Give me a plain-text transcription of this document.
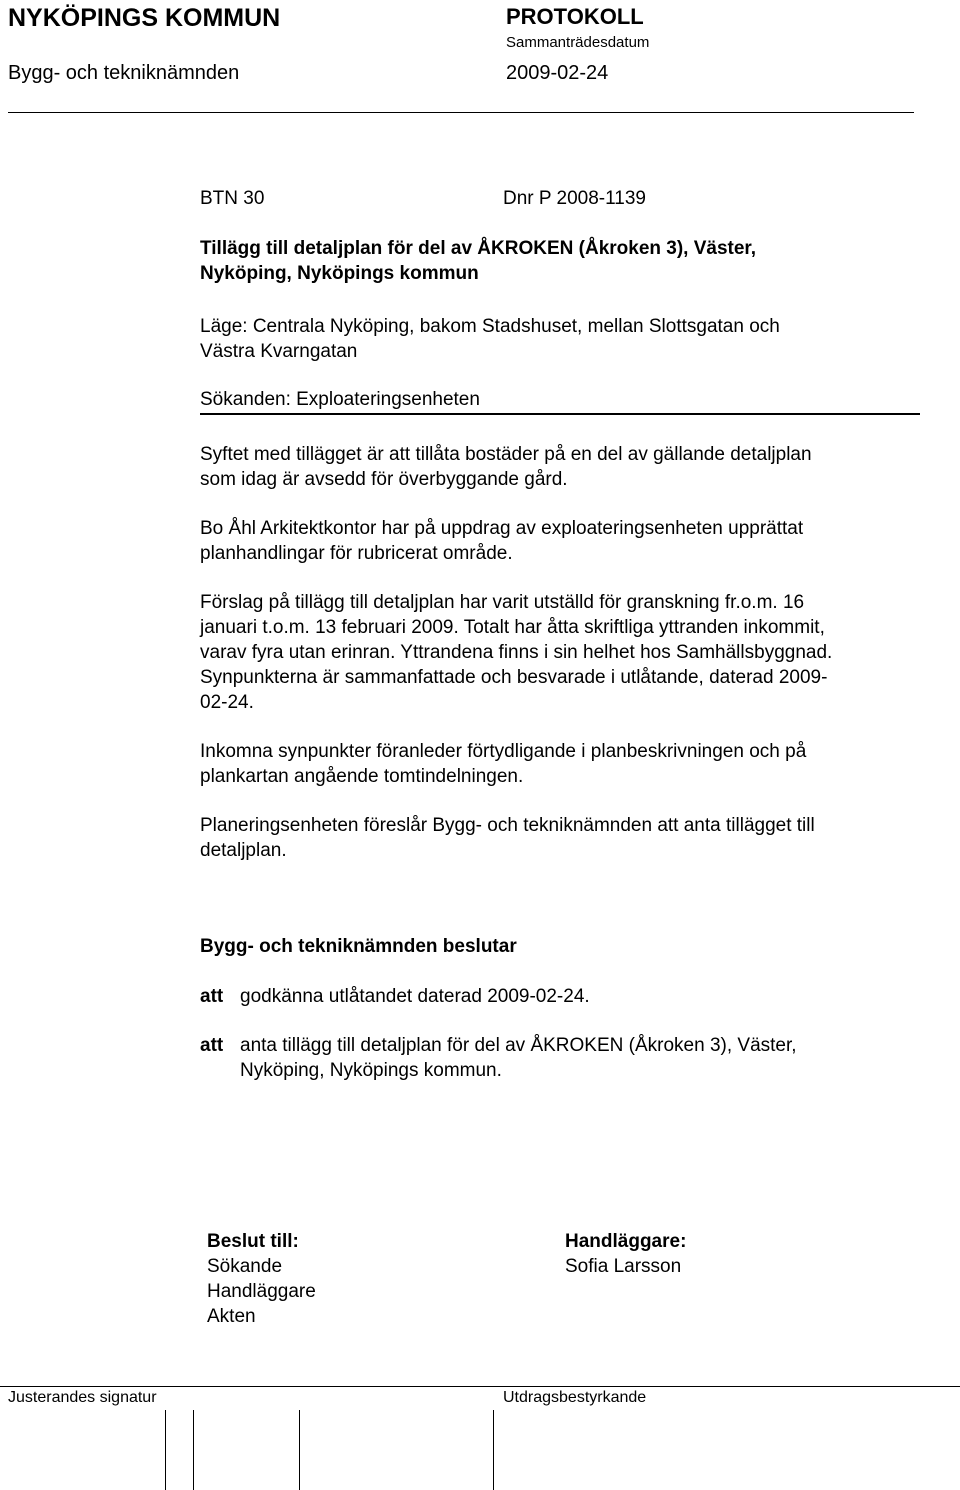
NYKÖPINGS KOMMUN	PROTOKOLL
Sammanträdesdatum
Bygg- och tekniknämnden	2009-02-24
BTN 30	Dnr P 2008-1139
Tillägg till detaljplan för del av ÅKROKEN (Åkroken 3), Väster,
Nyköping, Nyköpings kommun
Läge: Centrala Nyköping, bakom Stadshuset, mellan Slottsgatan och
Västra Kvarngatan
Sökanden: Exploateringsenheten
Syftet med tillägget är att tillåta bostäder på en del av gällande detaljplan
som idag är avsedd för överbyggande gård.
Bo Åhl Arkitektkontor har på uppdrag av exploateringsenheten upprättat
planhandlingar för rubricerat område.
Förslag på tillägg till detaljplan har varit utställd för granskning fr.o.m. 16
januari t.o.m. 13 februari 2009. Totalt har åtta skriftliga yttranden inkommit,
varav fyra utan erinran. Yttrandena finns i sin helhet hos Samhällsbyggnad.
Synpunkterna är sammanfattade och besvarade i utlåtande, daterad 2009-
02-24.
Inkomna synpunkter föranleder förtydligande i planbeskrivningen och på
plankartan angående tomtindelningen.
Planeringsenheten föreslår Bygg- och tekniknämnden att anta tillägget till
detaljplan.
Bygg- och tekniknämnden beslutar
att godkänna utlåtandet daterad 2009-02-24.
att anta tillägg till detaljplan för del av ÅKROKEN (Åkroken 3), Väster,
Nyköping, Nyköpings kommun.
Beslut till:
Sökande
Handläggare
Akten
Handläggare:
Sofia Larsson
Justerandes signatur	Utdragsbestyrkande
